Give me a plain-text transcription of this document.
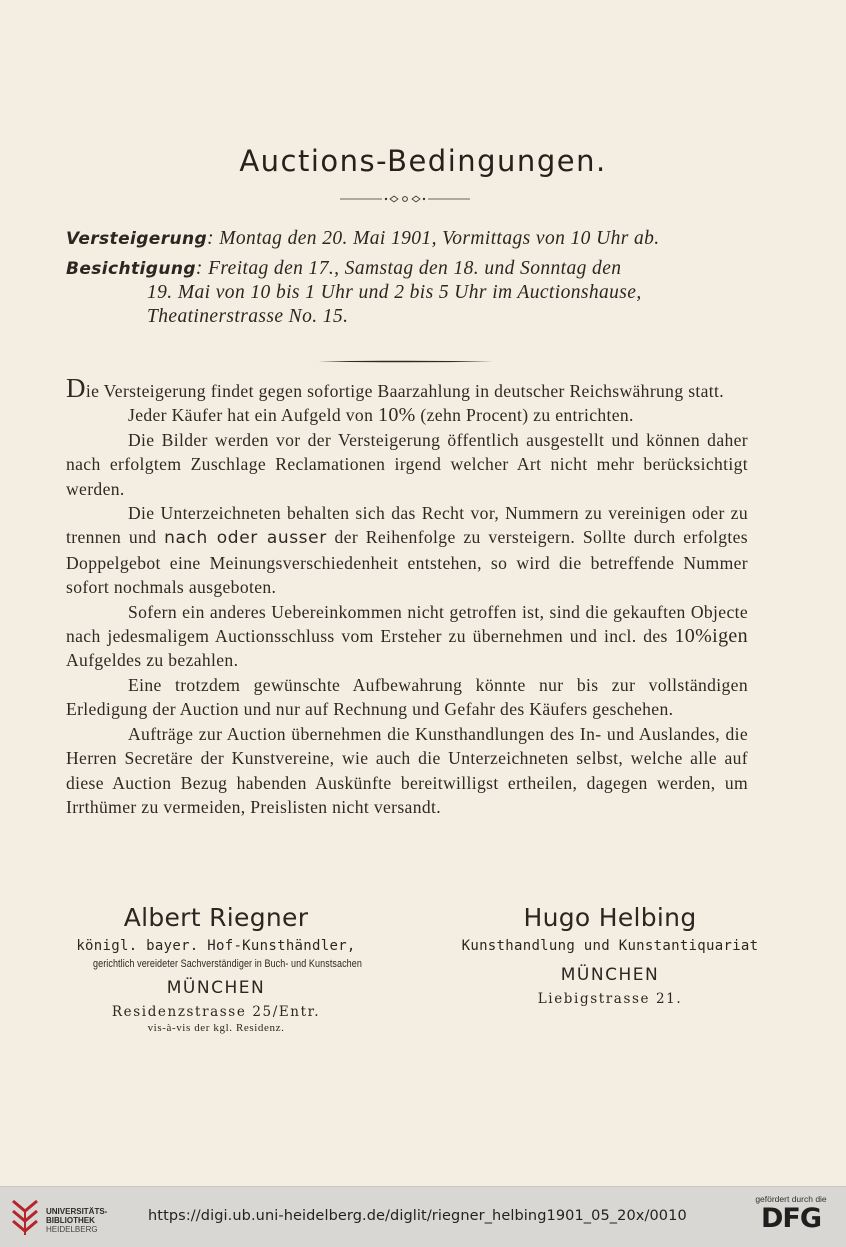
Auctions-Bedingungen.
Versteigerung: Montag den 20. Mai 1901, Vormittags von 10 Uhr ab.
Besichtigung: Freitag den 17., Samstag den 18. und Sonntag den
19. Mai von 10 bis 1 Uhr und 2 bis 5 Uhr im Auctionshause,
Theatinerstrasse No. 15.

Die Versteigerung findet gegen sofortige Baarzahlung in deutscher Reichswährung statt.

Jeder Käufer hat ein Aufgeld von 10% (zehn Procent) zu entrichten.

Die Bilder werden vor der Versteigerung öffentlich ausgestellt und können daher nach erfolgtem Zuschlage Reclamationen irgend welcher Art nicht mehr berücksichtigt werden.

Die Unterzeichneten behalten sich das Recht vor, Nummern zu vereinigen oder zu trennen und nach oder ausser der Reihenfolge zu versteigern. Sollte durch erfolgtes Doppelgebot eine Meinungsverschiedenheit entstehen, so wird die betreffende Nummer sofort nochmals ausgeboten.

Sofern ein anderes Uebereinkommen nicht getroffen ist, sind die gekauften Objecte nach jedesmaligem Auctionsschluss vom Ersteher zu übernehmen und incl. des 10%igen Aufgeldes zu bezahlen.

Eine trotzdem gewünschte Aufbewahrung könnte nur bis zur vollständigen Erledigung der Auction und nur auf Rechnung und Gefahr des Käufers geschehen.

Aufträge zur Auction übernehmen die Kunsthandlungen des In- und Auslandes, die Herren Secretäre der Kunstvereine, wie auch die Unterzeichneten selbst, welche alle auf diese Auction Bezug habenden Auskünfte bereitwilligst ertheilen, dagegen werden, um Irrthümer zu vermeiden, Preislisten nicht versandt.

Albert Riegner
königl. bayer. Hof-Kunsthändler,
gerichtlich vereideter Sachverständiger in Buch- und Kunstsachen
MÜNCHEN
Residenzstrasse 25/Entr.
vis-à-vis der kgl. Residenz.
Hugo Helbing
Kunsthandlung und Kunstantiquariat
MÜNCHEN
Liebigstrasse 21.
UNIVERSITÄTS-
BIBLIOTHEK
HEIDELBERG
https://digi.ub.uni-heidelberg.de/diglit/riegner_helbing1901_05_20x/0010
gefördert durch die
DFG
